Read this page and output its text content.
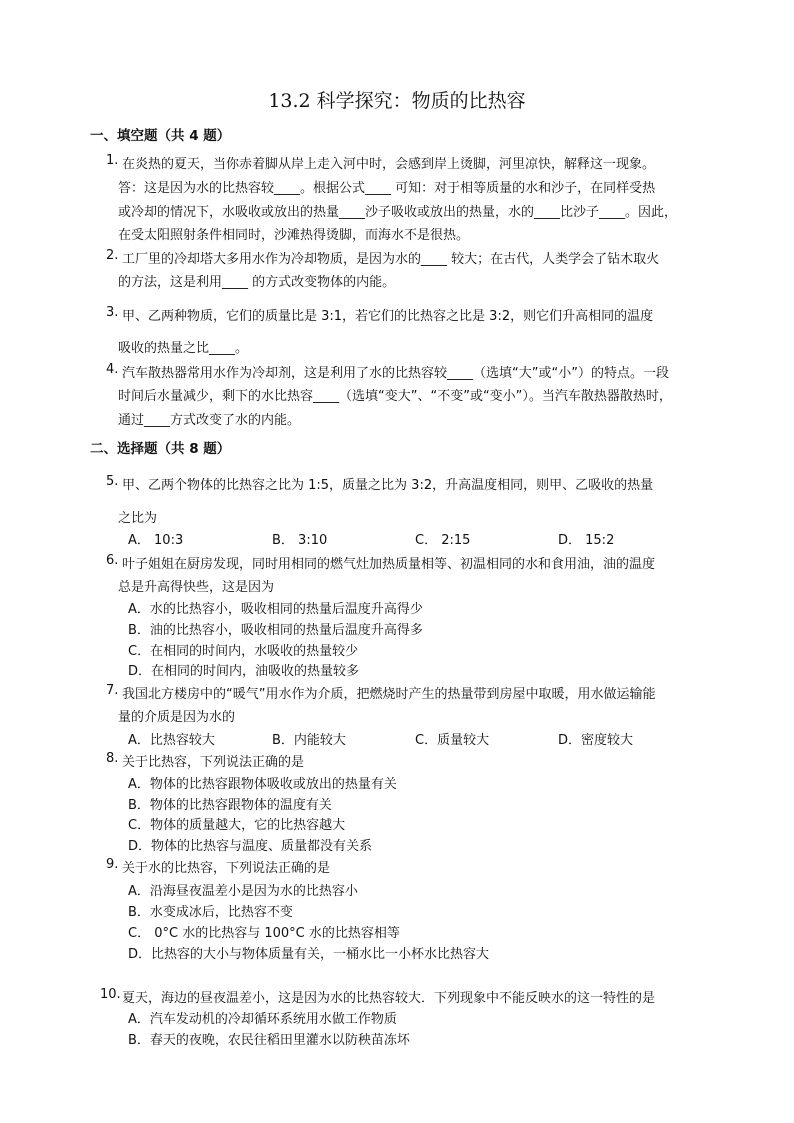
13.2 科学探究：物质的比热容
一、填空题（共 4 题）
1. 在炎热的夏天，当你赤着脚从岸上走入河中时，会感到岸上烫脚，河里凉快，解释这一现象。
答：这是因为水的比热容较____。根据公式____ 可知：对于相等质量的水和沙子，在同样受热
或冷却的情况下，水吸收或放出的热量____沙子吸收或放出的热量，水的____比沙子____。因此，
在受太阳照射条件相同时，沙滩热得烫脚，而海水不是很热。
2. 工厂里的冷却塔大多用水作为冷却物质，是因为水的____ 较大；在古代，人类学会了钻木取火
的方法，这是利用____ 的方式改变物体的内能。
3. 甲、乙两种物质，它们的质量比是 3:1，若它们的比热容之比是 3:2，则它们升高相同的温度
吸收的热量之比____。
4. 汽车散热器常用水作为冷却剂，这是利用了水的比热容较____（选填“大”或“小”）的特点。一段
时间后水量减少，剩下的水比热容____（选填“变大”、“不变”或“变小”）。当汽车散热器散热时，
通过____方式改变了水的内能。
二、选择题（共 8 题）
5. 甲、乙两个物体的比热容之比为 1:5，质量之比为 3:2，升高温度相同，则甲、乙吸收的热量
之比为
A． 10:3	B． 3:10	C． 2:15	D． 15:2
6. 叶子姐姐在厨房发现，同时用相同的燃气灶加热质量相等、初温相同的水和食用油，油的温度
总是升高得快些，这是因为
A．水的比热容小，吸收相同的热量后温度升高得少
B．油的比热容小，吸收相同的热量后温度升高得多
C．在相同的时间内，水吸收的热量较少
D．在相同的时间内，油吸收的热量较多
7. 我国北方楼房中的“暖气”用水作为介质，把燃烧时产生的热量带到房屋中取暖，用水做运输能
量的介质是因为水的
A．比热容较大	B．内能较大	C．质量较大	D．密度较大
8. 关于比热容，下列说法正确的是
A．物体的比热容跟物体吸收或放出的热量有关
B．物体的比热容跟物体的温度有关
C．物体的质量越大，它的比热容越大
D．物体的比热容与温度、质量都没有关系
9. 关于水的比热容，下列说法正确的是
A．沿海昼夜温差小是因为水的比热容小
B．水变成冰后，比热容不变
C． 0°C 水的比热容与 100°C 水的比热容相等
D．比热容的大小与物体质量有关，一桶水比一小杯水比热容大
10. 夏天，海边的昼夜温差小，这是因为水的比热容较大．下列现象中不能反映水的这一特性的是
A．汽车发动机的冷却循环系统用水做工作物质
B．春天的夜晚，农民往稻田里灌水以防秧苗冻坏
